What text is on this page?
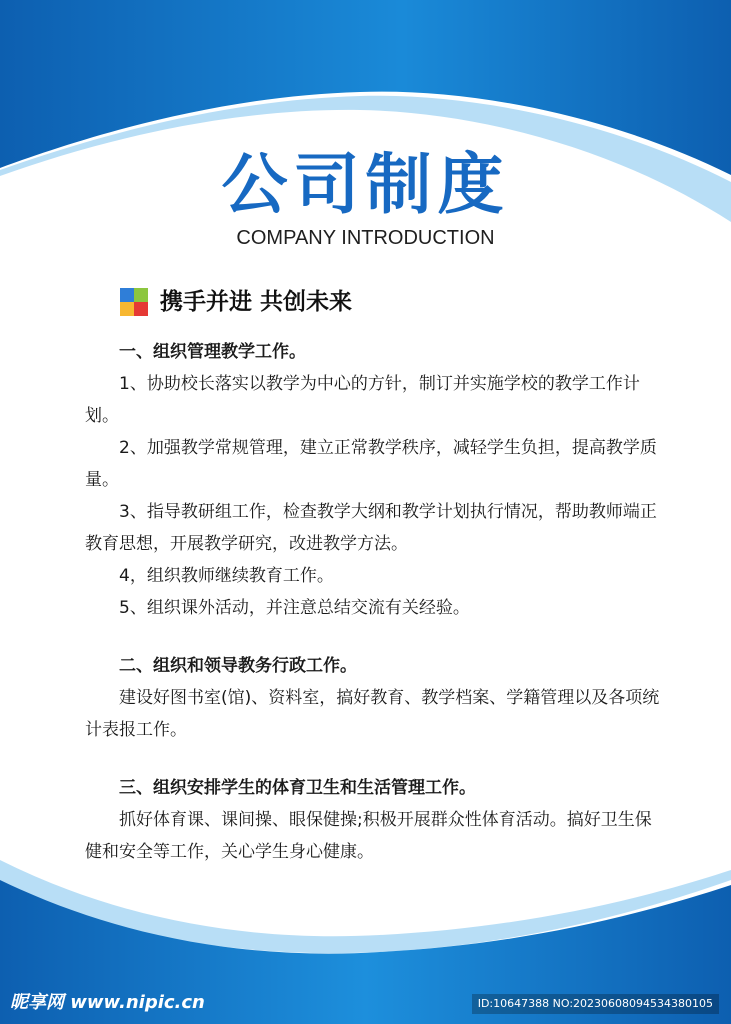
公司制度
COMPANY INTRODUCTION
携手并进 共创未来

一、组织管理教学工作。

1、协助校长落实以教学为中心的方针，制订并实施学校的教学工作计划。

2、加强教学常规管理，建立正常教学秩序，减轻学生负担，提高教学质量。

3、指导教研组工作，检查教学大纲和教学计划执行情况，帮助教师端正教育思想，开展教学研究，改进教学方法。

4，组织教师继续教育工作。

5、组织课外活动，并注意总结交流有关经验。

二、组织和领导教务行政工作。

建设好图书室(馆)、资料室，搞好教育、教学档案、学籍管理以及各项统计表报工作。

三、组织安排学生的体育卫生和生活管理工作。

抓好体育课、课间操、眼保健操;积极开展群众性体育活动。搞好卫生保健和安全等工作，关心学生身心健康。

昵享网 www.nipic.cn	ID:10647388 NO:20230608094534380105
